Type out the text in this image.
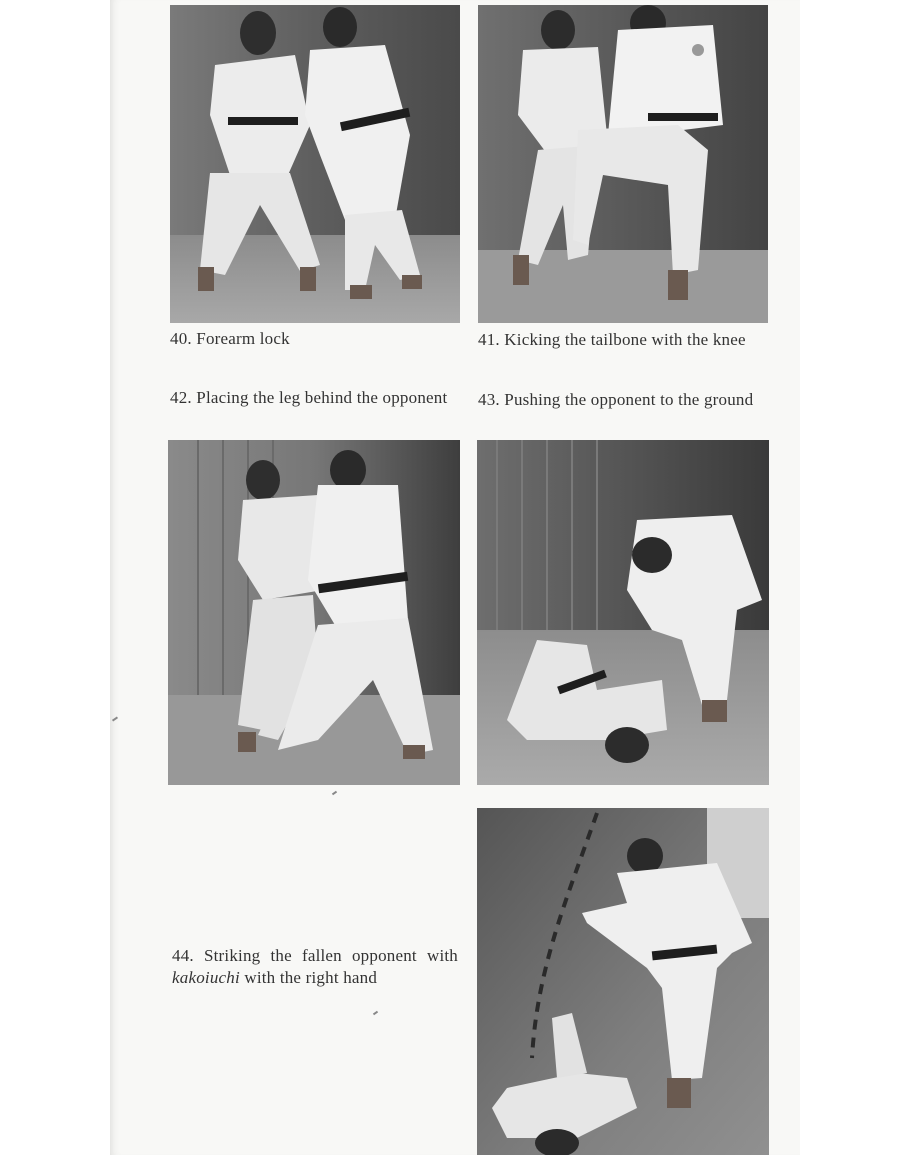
40. Forearm lock	41. Kicking the tailbone with the knee

42. Placing the leg behind the opponent	43. Pushing the opponent to the ground

44. Striking the fallen opponent with kakoiuchi with the right hand
